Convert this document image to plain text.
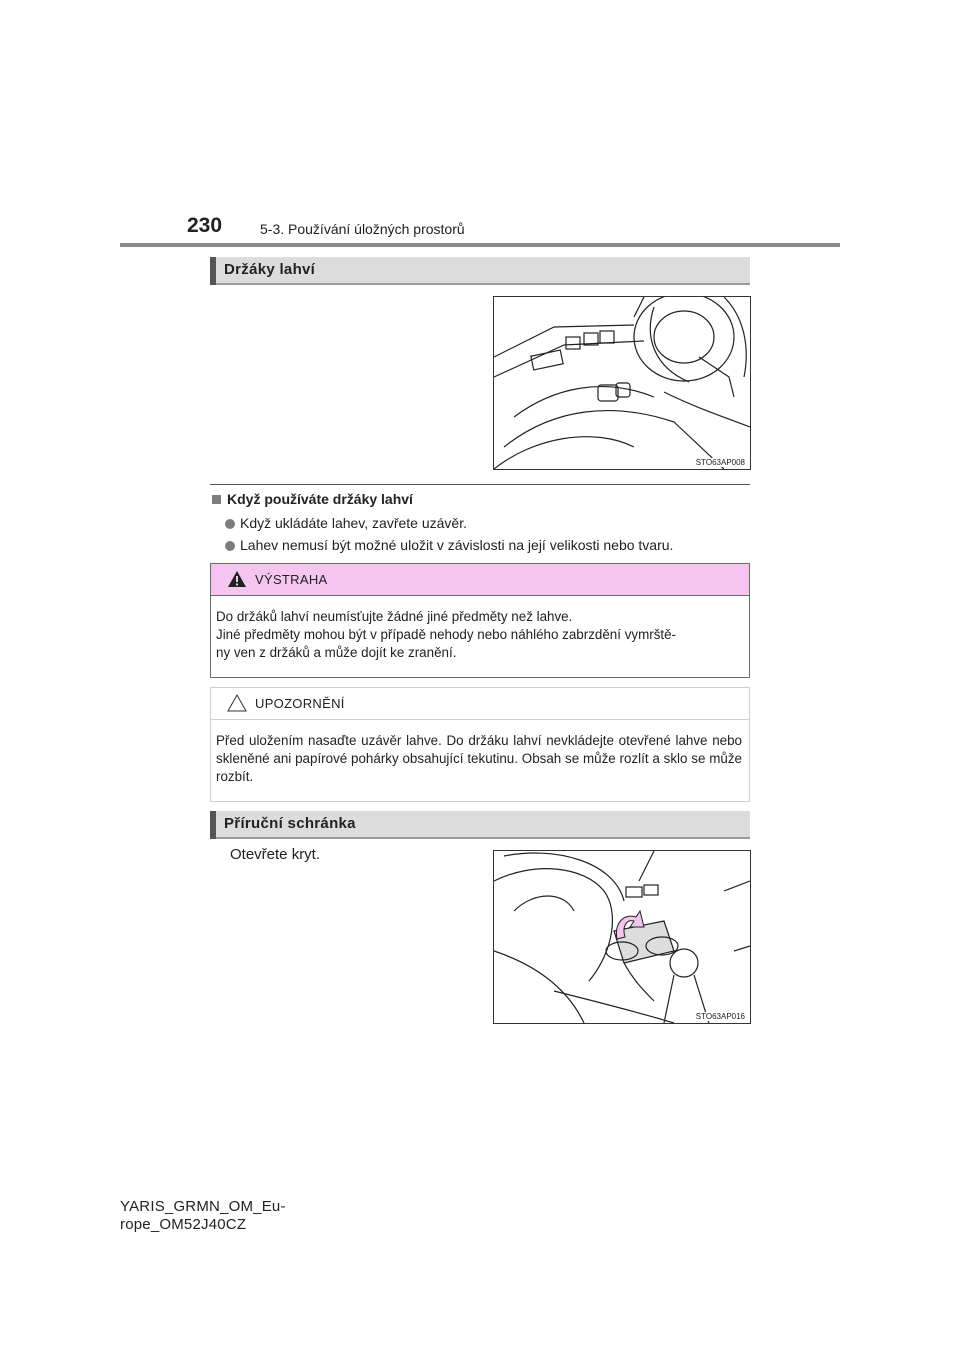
230	5-3. Používání úložných prostorů
Držáky lahví
STO63AP008
Když používáte držáky lahví
Když ukládáte lahev, zavřete uzávěr.
Lahev nemusí být možné uložit v závislosti na její velikosti nebo tvaru.
VÝSTRAHA
Do držáků lahví neumísťujte žádné jiné předměty než lahve.
Jiné předměty mohou být v případě nehody nebo náhlého zabrzdění vymrště-
ny ven z držáků a může dojít ke zranění.
UPOZORNĚNÍ
Před uložením nasaďte uzávěr lahve. Do držáku lahví nevkládejte otevřené lahve nebo skleněné ani papírové pohárky obsahující tekutinu. Obsah se může rozlít a sklo se může rozbít.
Příruční schránka
Otevřete kryt.
STO63AP016
YARIS_GRMN_OM_Eu-
rope_OM52J40CZ
